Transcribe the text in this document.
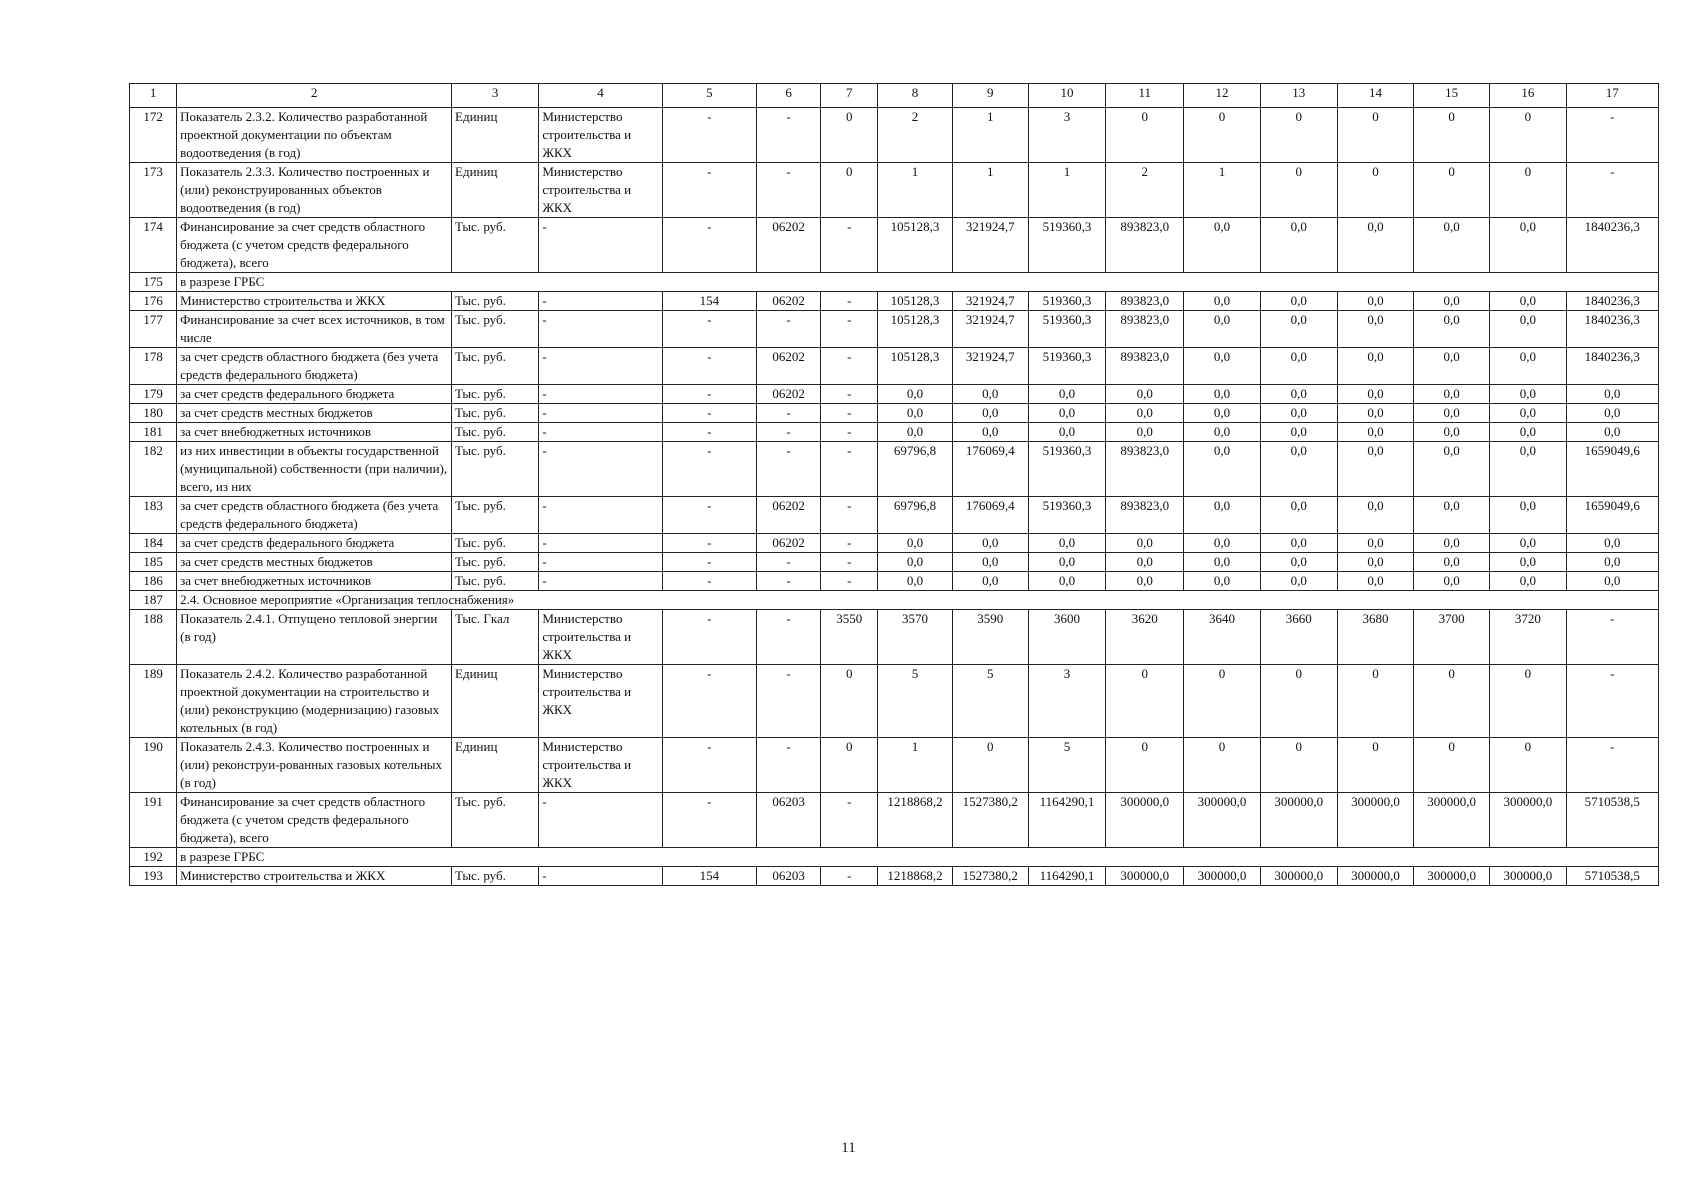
1	2	3	4	5	6	7	8	9	10	11	12	13	14	15	16	17
172	Показатель 2.3.2. Количество разработанной проектной документации по объектам водоотведения (в год)	Единиц	Министерство строительства и ЖКХ	-	-	0	2	1	3	0	0	0	0	0	0	-
173	Показатель 2.3.3. Количество построенных и (или) реконструированных объектов водоотведения (в год)	Единиц	Министерство строительства и ЖКХ	-	-	0	1	1	1	2	1	0	0	0	0	-
174	Финансирование за счет средств областного бюджета (с учетом средств федерального бюджета), всего	Тыс. руб.	-	-	06202	-	105128,3	321924,7	519360,3	893823,0	0,0	0,0	0,0	0,0	0,0	1840236,3
175	в разрезе ГРБС															
176	Министерство строительства и ЖКХ	Тыс. руб.	-	154	06202	-	105128,3	321924,7	519360,3	893823,0	0,0	0,0	0,0	0,0	0,0	1840236,3
177	Финансирование за счет всех источников, в том числе	Тыс. руб.	-	-	-	-	105128,3	321924,7	519360,3	893823,0	0,0	0,0	0,0	0,0	0,0	1840236,3
178	за счет средств областного бюджета (без учета средств федерального бюджета)	Тыс. руб.	-	-	06202	-	105128,3	321924,7	519360,3	893823,0	0,0	0,0	0,0	0,0	0,0	1840236,3
179	за счет средств федерального бюджета	Тыс. руб.	-	-	06202	-	0,0	0,0	0,0	0,0	0,0	0,0	0,0	0,0	0,0	0,0
180	за счет средств местных бюджетов	Тыс. руб.	-	-	-	-	0,0	0,0	0,0	0,0	0,0	0,0	0,0	0,0	0,0	0,0
181	за счет внебюджетных источников	Тыс. руб.	-	-	-	-	0,0	0,0	0,0	0,0	0,0	0,0	0,0	0,0	0,0	0,0
182	из них инвестиции в объекты государственной (муниципальной) собственности (при наличии), всего, из них	Тыс. руб.	-	-	-	-	69796,8	176069,4	519360,3	893823,0	0,0	0,0	0,0	0,0	0,0	1659049,6
183	за счет средств областного бюджета (без учета средств федерального бюджета)	Тыс. руб.	-	-	06202	-	69796,8	176069,4	519360,3	893823,0	0,0	0,0	0,0	0,0	0,0	1659049,6
184	за счет средств федерального бюджета	Тыс. руб.	-	-	06202	-	0,0	0,0	0,0	0,0	0,0	0,0	0,0	0,0	0,0	0,0
185	за счет средств местных бюджетов	Тыс. руб.	-	-	-	-	0,0	0,0	0,0	0,0	0,0	0,0	0,0	0,0	0,0	0,0
186	за счет внебюджетных источников	Тыс. руб.	-	-	-	-	0,0	0,0	0,0	0,0	0,0	0,0	0,0	0,0	0,0	0,0
187	2.4. Основное мероприятие «Организация теплоснабжения»															
188	Показатель 2.4.1. Отпущено тепловой энергии (в год)	Тыс. Гкал	Министерство строительства и ЖКХ	-	-	3550	3570	3590	3600	3620	3640	3660	3680	3700	3720	-
189	Показатель 2.4.2. Количество разработанной проектной документации на строительство и (или) реконструкцию (модернизацию) газовых котельных (в год)	Единиц	Министерство строительства и ЖКХ	-	-	0	5	5	3	0	0	0	0	0	0	-
190	Показатель 2.4.3. Количество построенных и (или) реконструи-рованных газовых котельных (в год)	Единиц	Министерство строительства и ЖКХ	-	-	0	1	0	5	0	0	0	0	0	0	-
191	Финансирование за счет средств областного бюджета (с учетом средств федерального бюджета), всего	Тыс. руб.	-	-	06203	-	1218868,2	1527380,2	1164290,1	300000,0	300000,0	300000,0	300000,0	300000,0	300000,0	5710538,5
192	в разрезе ГРБС															
193	Министерство строительства и ЖКХ	Тыс. руб.	-	154	06203	-	1218868,2	1527380,2	1164290,1	300000,0	300000,0	300000,0	300000,0	300000,0	300000,0	5710538,5
11
